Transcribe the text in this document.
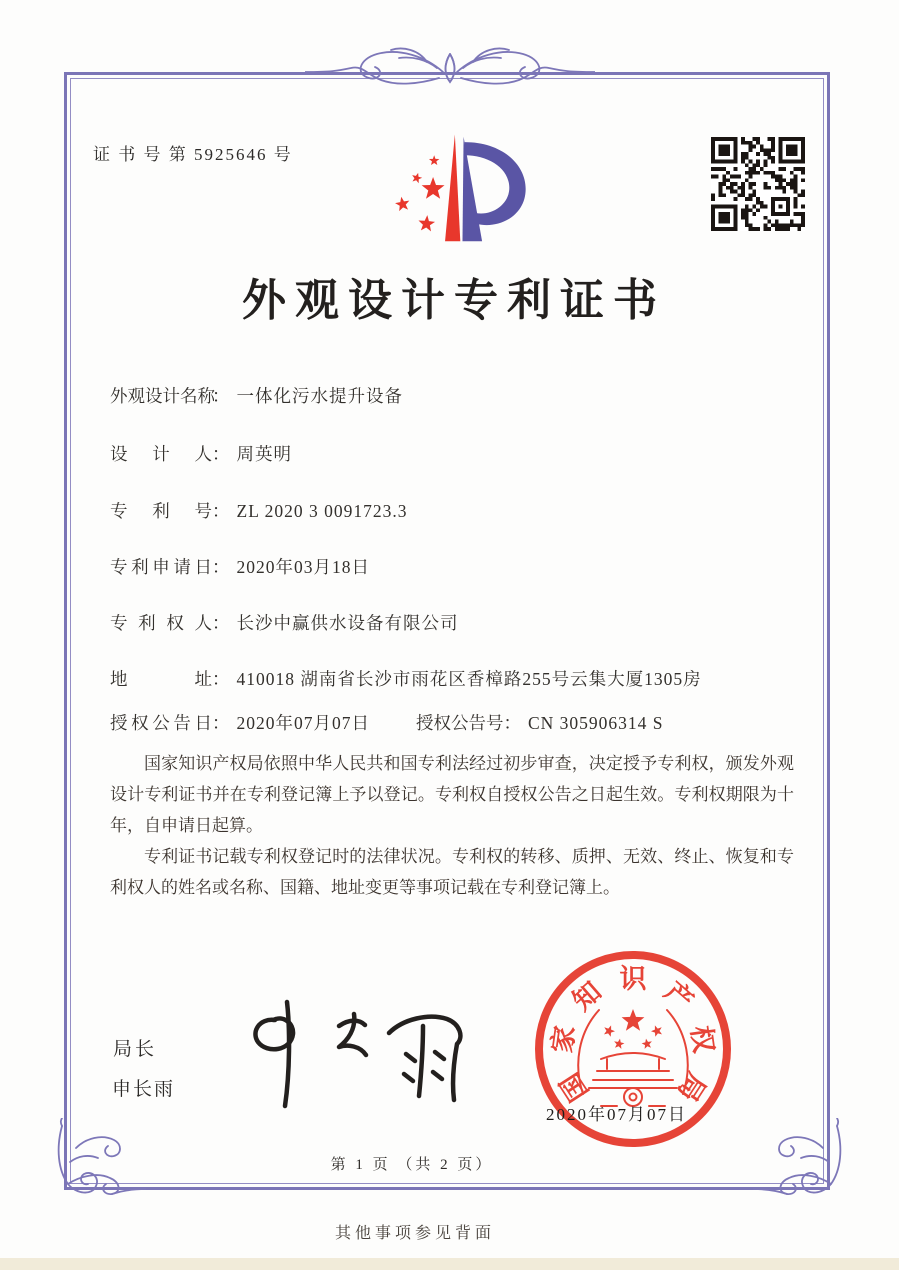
证 书 号 第 5925646 号
外观设计专利证书
外观设计名称： 一体化污水提升设备
设计人： 周英明
专利号： ZL 2020 3 0091723.3
专利申请日： 2020年03月18日
专利权人： 长沙中赢供水设备有限公司
地址： 410018 湖南省长沙市雨花区香樟路255号云集大厦1305房
授权公告日： 2020年07月07日	授权公告号： CN 305906314 S

国家知识产权局依照中华人民共和国专利法经过初步审查，决定授予专利权，颁发外观设计专利证书并在专利登记簿上予以登记。专利权自授权公告之日起生效。专利权期限为十年，自申请日起算。

专利证书记载专利权登记时的法律状况。专利权的转移、质押、无效、终止、恢复和专利权人的姓名或名称、国籍、地址变更等事项记载在专利登记簿上。

局长
申长雨	国
家
知 识 产
权
局
2020年07月07日
第 1 页 （共 2 页）
其他事项参见背面
